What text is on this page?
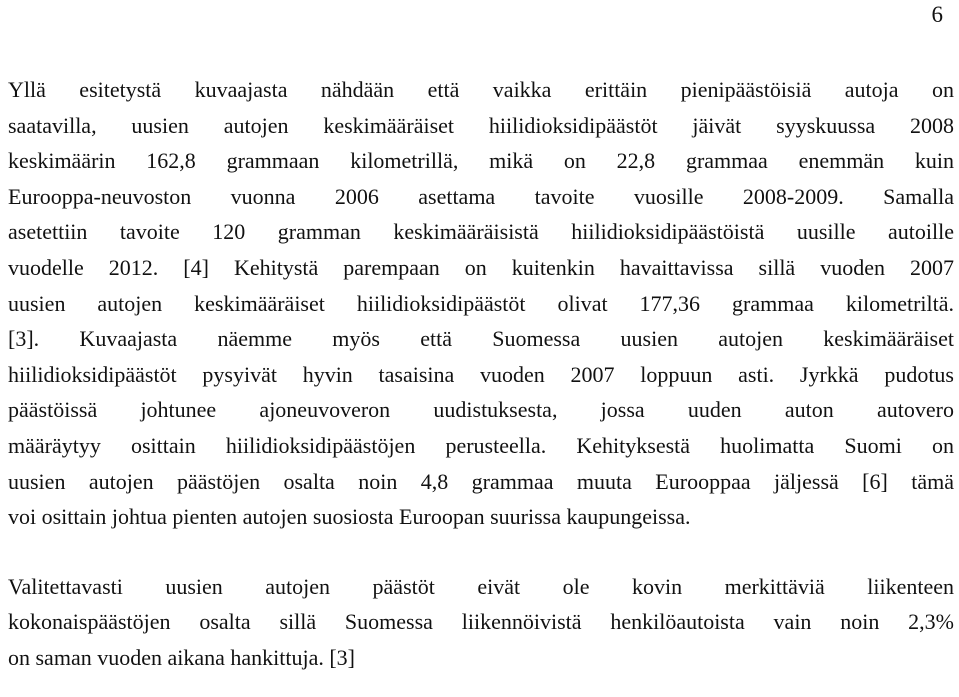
6
Yllä esitetystä kuvaajasta nähdään että vaikka erittäin pienipäästöisiä autoja on
saatavilla, uusien autojen keskimääräiset hiilidioksidipäästöt jäivät syyskuussa 2008
keskimäärin 162,8 grammaan kilometrillä, mikä on 22,8 grammaa enemmän kuin
Eurooppa-neuvoston vuonna 2006 asettama tavoite vuosille 2008-2009. Samalla
asetettiin tavoite 120 gramman keskimääräisistä hiilidioksidipäästöistä uusille autoille
vuodelle 2012. [4] Kehitystä parempaan on kuitenkin havaittavissa sillä vuoden 2007
uusien autojen keskimääräiset hiilidioksidipäästöt olivat 177,36 grammaa kilometriltä.
[3]. Kuvaajasta näemme myös että Suomessa uusien autojen keskimääräiset
hiilidioksidipäästöt pysyivät hyvin tasaisina vuoden 2007 loppuun asti. Jyrkkä pudotus
päästöissä johtunee ajoneuvoveron uudistuksesta, jossa uuden auton autovero
määräytyy osittain hiilidioksidipäästöjen perusteella. Kehityksestä huolimatta Suomi on
uusien autojen päästöjen osalta noin 4,8 grammaa muuta Eurooppaa jäljessä [6] tämä
voi osittain johtua pienten autojen suosiosta Euroopan suurissa kaupungeissa.
Valitettavasti uusien autojen päästöt eivät ole kovin merkittäviä liikenteen
kokonaispäästöjen osalta sillä Suomessa liikennöivistä henkilöautoista vain noin 2,3%
on saman vuoden aikana hankittuja. [3]
